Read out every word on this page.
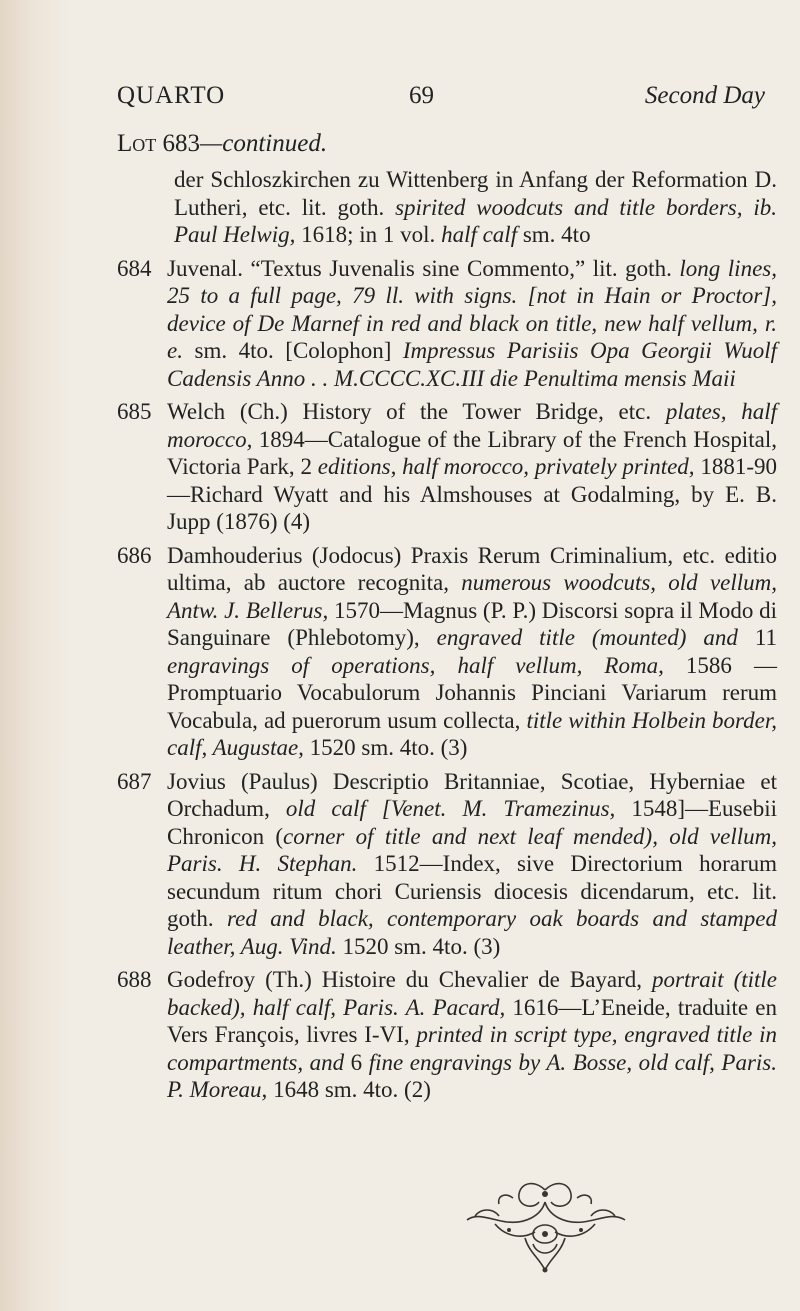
QUARTO	69	Second Day
Lot 683—continued.
der Schloszkirchen zu Wittenberg in Anfang der Reformation D. Lutheri, etc. lit. goth. spirited woodcuts and title borders, ib. Paul Helwig, 1618; in 1 vol. half calf sm. 4to
684 Juvenal. “Textus Juvenalis sine Commento,” lit. goth. long lines, 25 to a full page, 79 ll. with signs. [not in Hain or Proctor], device of De Marnef in red and black on title, new half vellum, r. e. sm. 4to. [Colophon] Impressus Parisiis Opa Georgii Wuolf Cadensis Anno . . M.CCCC.XC.III die Penultima mensis Maii
685 Welch (Ch.) History of the Tower Bridge, etc. plates, half morocco, 1894—Catalogue of the Library of the French Hospital, Victoria Park, 2 editions, half morocco, privately printed, 1881-90—Richard Wyatt and his Almshouses at Godalming, by E. B. Jupp (1876) (4)
686 Damhouderius (Jodocus) Praxis Rerum Criminalium, etc. editio ultima, ab auctore recognita, numerous woodcuts, old vellum, Antw. J. Bellerus, 1570—Magnus (P. P.) Discorsi sopra il Modo di Sanguinare (Phlebotomy), engraved title (mounted) and 11 engravings of operations, half vellum, Roma, 1586 —Promptuario Vocabulorum Johannis Pinciani Variarum rerum Vocabula, ad puerorum usum collecta, title within Holbein border, calf, Augustae, 1520 sm. 4to. (3)
687 Jovius (Paulus) Descriptio Britanniae, Scotiae, Hyberniae et Orchadum, old calf [Venet. M. Tramezinus, 1548]—Eusebii Chronicon (corner of title and next leaf mended), old vellum, Paris. H. Stephan. 1512—Index, sive Directorium horarum secundum ritum chori Curiensis diocesis dicendarum, etc. lit. goth. red and black, contemporary oak boards and stamped leather, Aug. Vind. 1520 sm. 4to. (3)
688 Godefroy (Th.) Histoire du Chevalier de Bayard, portrait (title backed), half calf, Paris. A. Pacard, 1616—L’Eneide, traduite en Vers François, livres I-VI, printed in script type, engraved title in compartments, and 6 fine engravings by A. Bosse, old calf, Paris. P. Moreau, 1648 sm. 4to. (2)
